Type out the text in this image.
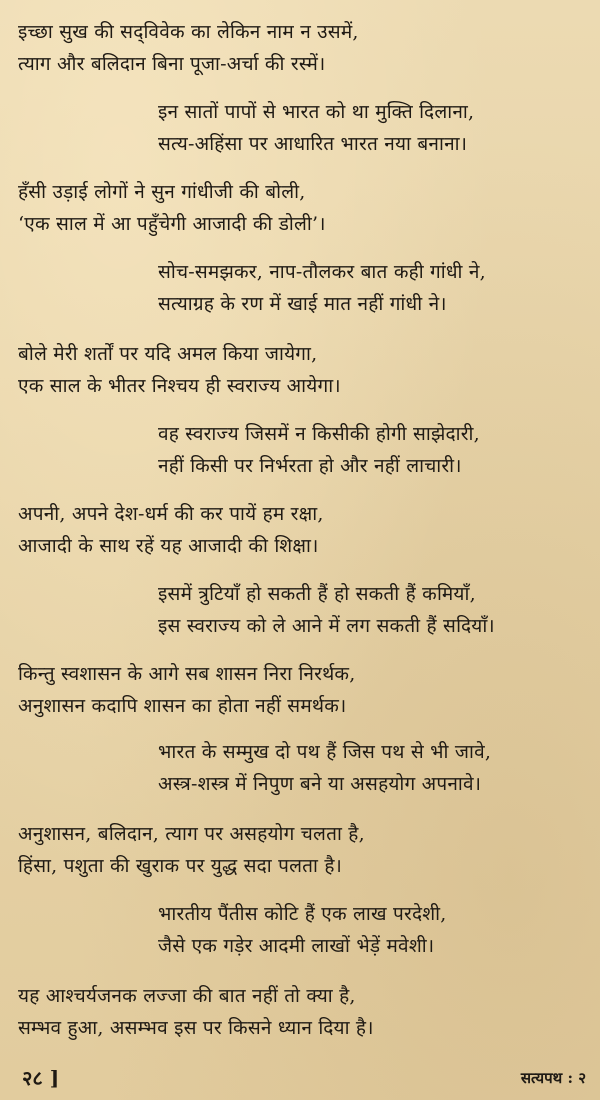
इच्छा सुख की सद्‌विवेक का लेकिन नाम न उसमें,
त्याग और बलिदान बिना पूजा-अर्चा की रस्में।
इन सातों पापों से भारत को था मुक्ति दिलाना,
सत्य-अहिंसा पर आधारित भारत नया बनाना।
हँसी उड़ाई लोगों ने सुन गांधीजी की बोली,
‘एक साल में आ पहुँचेगी आजादी की डोली’।
सोच-समझकर, नाप-तौलकर बात कही गांधी ने,
सत्याग्रह के रण में खाई मात नहीं गांधी ने।
बोले मेरी शर्तों पर यदि अमल किया जायेगा,
एक साल के भीतर निश्चय ही स्वराज्य आयेगा।
वह स्वराज्य जिसमें न किसीकी होगी साझेदारी,
नहीं किसी पर निर्भरता हो और नहीं लाचारी।
अपनी, अपने देश-धर्म की कर पायें हम रक्षा,
आजादी के साथ रहें यह आजादी की शिक्षा।
इसमें त्रुटियाँ हो सकती हैं हो सकती हैं कमियाँ,
इस स्वराज्य को ले आने में लग सकती हैं सदियाँ।
किन्तु स्वशासन के आगे सब शासन निरा निरर्थक,
अनुशासन कदापि शासन का होता नहीं समर्थक।
भारत के सम्मुख दो पथ हैं जिस पथ से भी जावे,
अस्त्र-शस्त्र में निपुण बने या असहयोग अपनावे।
अनुशासन, बलिदान, त्याग पर असहयोग चलता है,
हिंसा, पशुता की खुराक पर युद्ध सदा पलता है।
भारतीय पैंतीस कोटि हैं एक लाख परदेशी,
जैसे एक गड़ेर आदमी लाखों भेड़ें मवेशी।
यह आश्चर्यजनक लज्जा की बात नहीं तो क्या है,
सम्भव हुआ, असम्भव इस पर किसने ध्यान दिया है।
२८ ]	सत्यपथ : २
